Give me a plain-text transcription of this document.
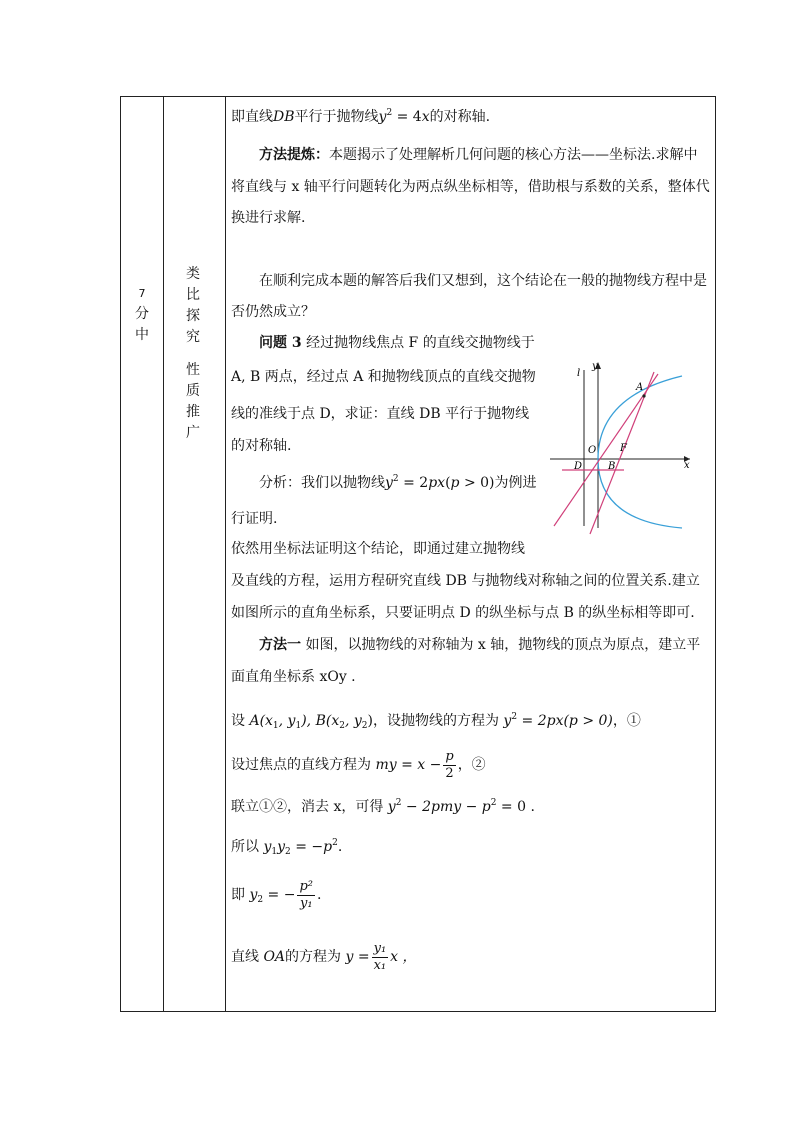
7
分
中
类
比
探
究
性
质
推
广
即直线DB平行于抛物线$y^2 = 4x$的对称轴.
方法提炼：本题揭示了处理解析几何问题的核心方法——坐标法.求解中
将直线与 x 轴平行问题转化为两点纵坐标相等，借助根与系数的关系，整体代
换进行求解.
在顺利完成本题的解答后我们又想到，这个结论在一般的抛物线方程中是
否仍然成立？
问题 3 经过抛物线焦点 F 的直线交抛物线于
A, B 两点，经过点 A 和抛物线顶点的直线交抛物
线的准线于点 D，求证：直线 DB 平行于抛物线
的对称轴.
分析：我们以抛物线$y^2 = 2px(p > 0)$为例进
行证明.
依然用坐标法证明这个结论，即通过建立抛物线
及直线的方程，运用方程研究直线 DB 与抛物线对称轴之间的位置关系.建立
如图所示的直角坐标系，只要证明点 D 的纵坐标与点 B 的纵坐标相等即可.
方法一 如图，以抛物线的对称轴为 x 轴，抛物线的顶点为原点，建立平
面直角坐标系 xOy .
设 $A(x_1$, $y_1$), $B(x_2$, $y_2$)，设抛物线的方程为 $y^2 = 2px(p > 0)$，①
设过焦点的直线方程为 my = $x - \frac{p}{2}$ ，②
联立①②，消去 x，可得 $y^2 - 2pmy - p^2 = 0$ .
所以 $y_1y_2 = -p^2$.
即 $y_2$ = − $\frac{\text{p²}}{\text{y₁}}$ .
直线 OA的方程为 $y = \frac{\text{y₁}}{\text{x₁}}$ x ，
A
O F
D	B
y
x
l
